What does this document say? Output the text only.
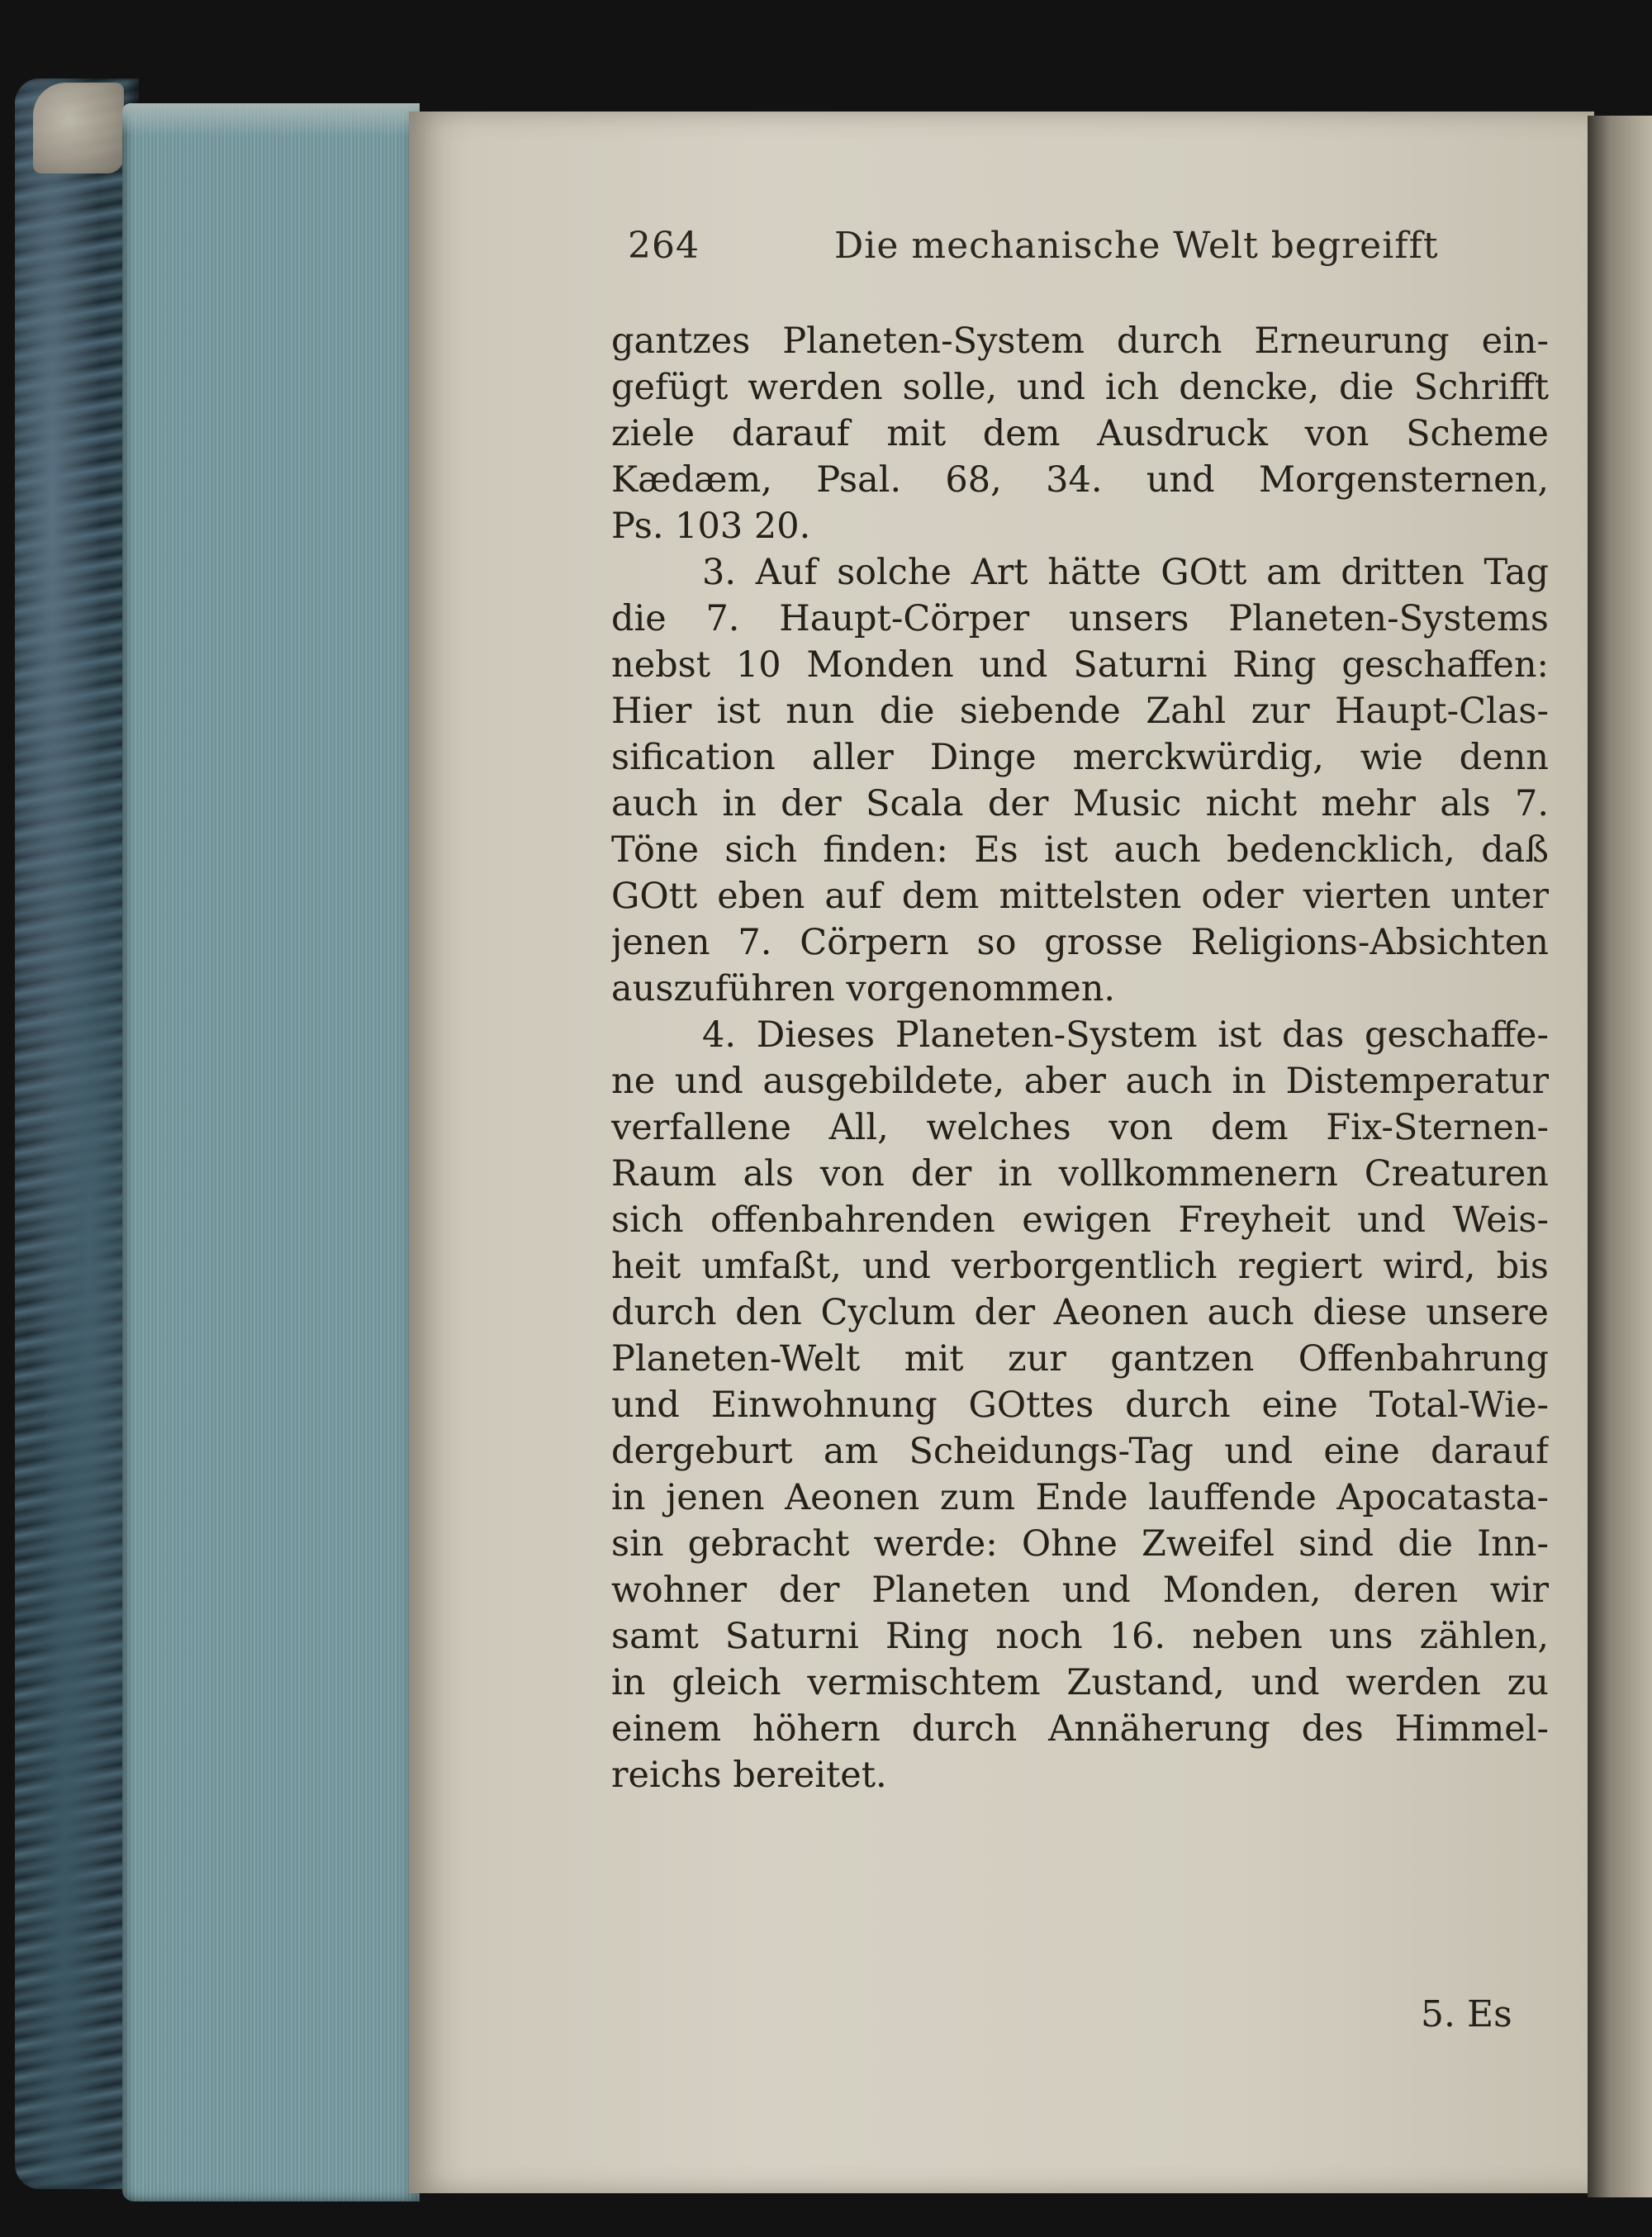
264	Die mechanische Welt begreifft
gantzes Planeten-System durch Erneurung ein-
gefügt werden solle, und ich dencke, die Schrifft
ziele darauf mit dem Ausdruck von Scheme
Kædæm, Psal. 68, 34. und Morgensternen,
Ps. 103 20.
3. Auf solche Art hätte GOtt am dritten Tag
die 7. Haupt-Cörper unsers Planeten-Systems
nebst 10 Monden und Saturni Ring geschaffen:
Hier ist nun die siebende Zahl zur Haupt-Clas-
sification aller Dinge merckwürdig, wie denn
auch in der Scala der Music nicht mehr als 7.
Töne sich finden: Es ist auch bedencklich, daß
GOtt eben auf dem mittelsten oder vierten unter
jenen 7. Cörpern so grosse Religions-Absichten
auszuführen vorgenommen.
4. Dieses Planeten-System ist das geschaffe-
ne und ausgebildete, aber auch in Distemperatur
verfallene All, welches von dem Fix-Sternen-
Raum als von der in vollkommenern Creaturen
sich offenbahrenden ewigen Freyheit und Weis-
heit umfaßt, und verborgentlich regiert wird, bis
durch den Cyclum der Aeonen auch diese unsere
Planeten-Welt mit zur gantzen Offenbahrung
und Einwohnung GOttes durch eine Total-Wie-
dergeburt am Scheidungs-Tag und eine darauf
in jenen Aeonen zum Ende lauffende Apocatasta-
sin gebracht werde: Ohne Zweifel sind die Inn-
wohner der Planeten und Monden, deren wir
samt Saturni Ring noch 16. neben uns zählen,
in gleich vermischtem Zustand, und werden zu
einem höhern durch Annäherung des Himmel-
reichs bereitet.
5. Es
